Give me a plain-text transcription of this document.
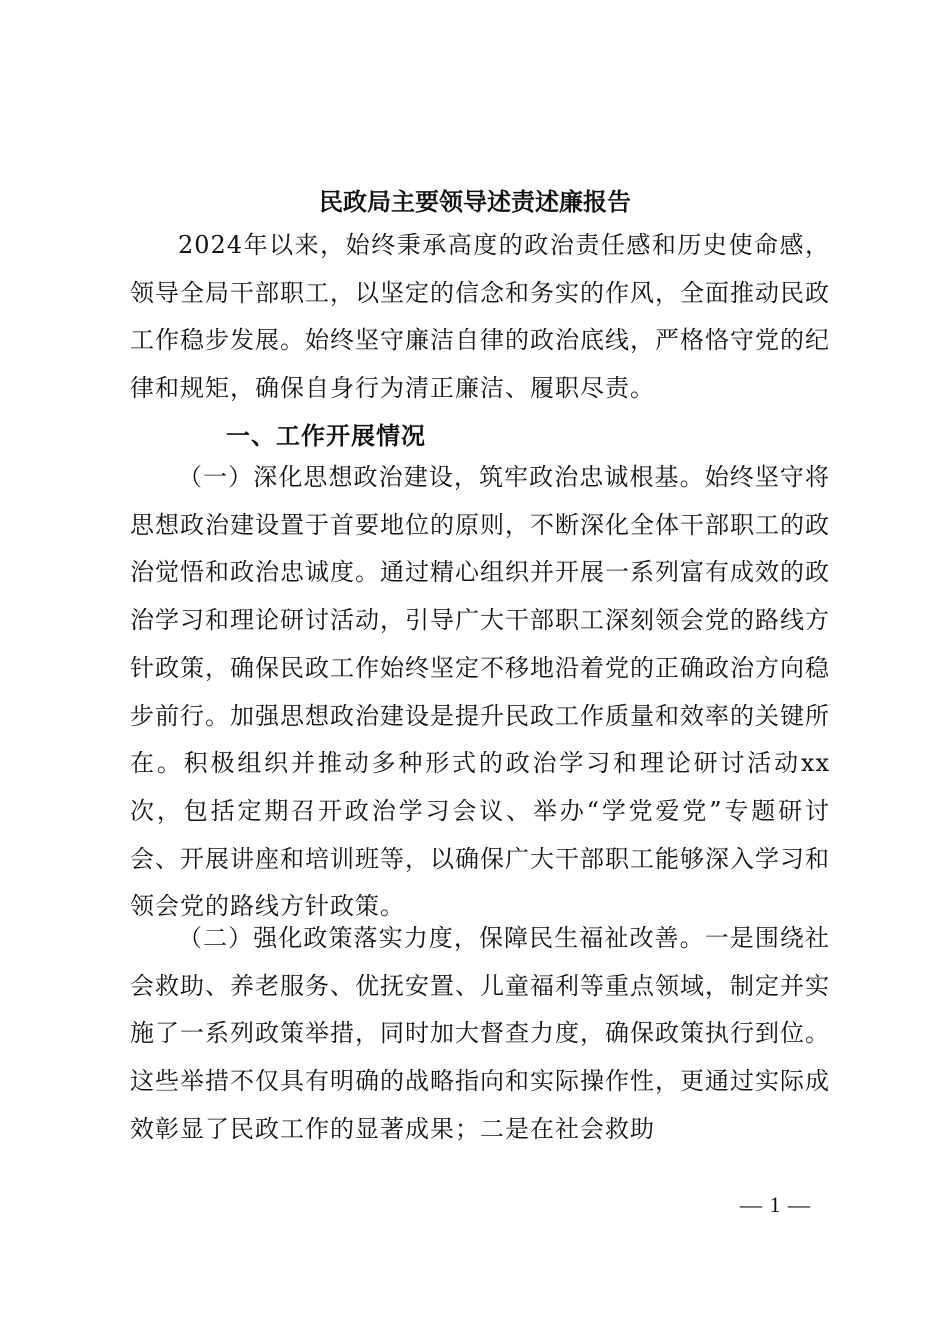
民政局主要领导述责述廉报告

2024年以来，始终秉承高度的政治责任感和历史使命感，领导全局干部职工，以坚定的信念和务实的作风，全面推动民政工作稳步发展。始终坚守廉洁自律的政治底线，严格恪守党的纪律和规矩，确保自身行为清正廉洁、履职尽责。

一、工作开展情况

（一）深化思想政治建设，筑牢政治忠诚根基。始终坚守将思想政治建设置于首要地位的原则，不断深化全体干部职工的政治觉悟和政治忠诚度。通过精心组织并开展一系列富有成效的政治学习和理论研讨活动，引导广大干部职工深刻领会党的路线方针政策，确保民政工作始终坚定不移地沿着党的正确政治方向稳步前行。加强思想政治建设是提升民政工作质量和效率的关键所在。积极组织并推动多种形式的政治学习和理论研讨活动xx次，包括定期召开政治学习会议、举办“学党爱党”专题研讨会、开展讲座和培训班等，以确保广大干部职工能够深入学习和领会党的路线方针政策。

（二）强化政策落实力度，保障民生福祉改善。一是围绕社会救助、养老服务、优抚安置、儿童福利等重点领域，制定并实施了一系列政策举措，同时加大督查力度，确保政策执行到位。这些举措不仅具有明确的战略指向和实际操作性，更通过实际成效彰显了民政工作的显著成果；二是在社会救助

— 1 —
